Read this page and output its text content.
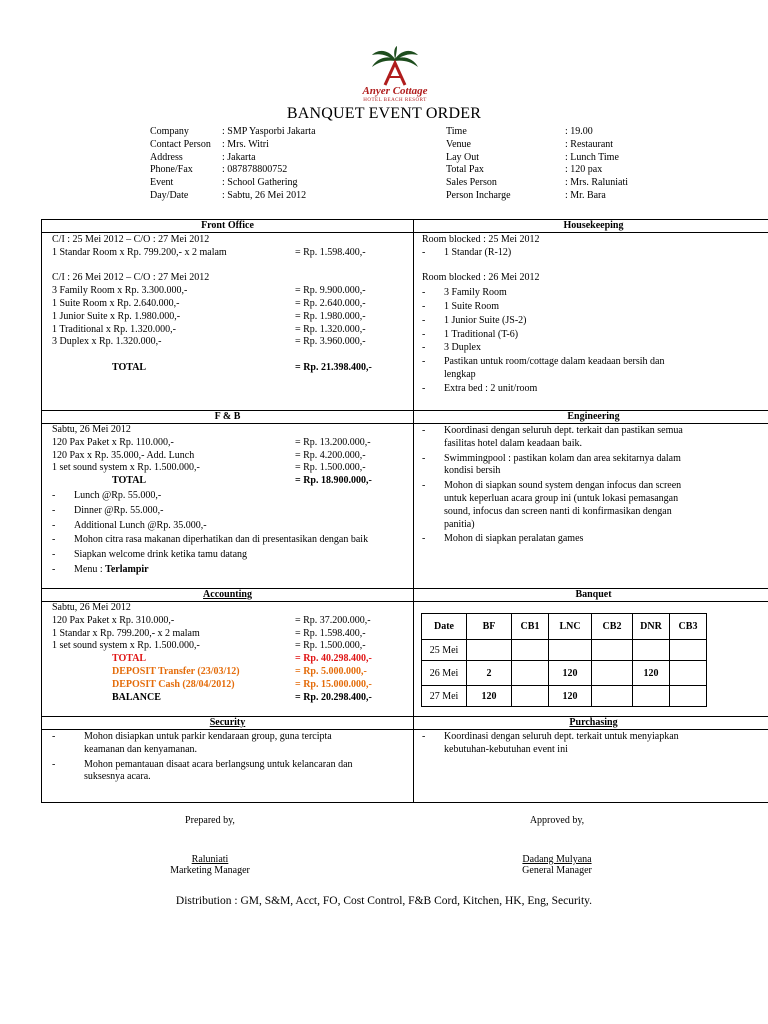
Anyer Cottage
HOTEL BEACH RESORT
BANQUET EVENT ORDER
Company	: SMP Yasporbi Jakarta
Contact Person	: Mrs. Witri
Address	: Jakarta
Phone/Fax	: 087878800752
Event	: School Gathering
Day/Date	: Sabtu, 26 Mei 2012
Time	: 19.00
Venue	: Restaurant
Lay Out	: Lunch Time
Total Pax	: 120 pax
Sales Person	: Mrs. Raluniati
Person Incharge	: Mr. Bara
Front Office	Housekeeping
F & B	Engineering
Accounting	Banquet
Security	Purchasing
C/I : 25 Mei 2012 – C/O : 27 Mei 2012
1 Standar Room x Rp. 799.200,- x 2 malam	= Rp. 1.598.400,-
C/I : 26 Mei 2012 – C/O : 27 Mei 2012
3 Family Room x Rp. 3.300.000,-	= Rp. 9.900.000,-
1 Suite Room x Rp. 2.640.000,-	= Rp. 2.640.000,-
1 Junior Suite x Rp. 1.980.000,-	= Rp. 1.980.000,-
1 Traditional x Rp. 1.320.000,-	= Rp. 1.320.000,-
3 Duplex x Rp. 1.320.000,-	= Rp. 3.960.000,-
TOTAL	= Rp. 21.398.400,-
Room blocked : 25 Mei 2012
-	1 Standar (R-12)
Room blocked : 26 Mei 2012
-	3 Family Room
-	1 Suite Room
-	1 Junior Suite (JS-2)
-	1 Traditional (T-6)
-	3 Duplex
-	Pastikan untuk room/cottage dalam keadaan bersih dan
lengkap
-	Extra bed : 2 unit/room
Sabtu, 26 Mei 2012
120 Pax Paket x Rp. 110.000,-	= Rp. 13.200.000,-
120 Pax x Rp. 35.000,- Add. Lunch	= Rp. 4.200.000,-
1 set sound system x Rp. 1.500.000,-	= Rp. 1.500.000,-
TOTAL	= Rp. 18.900.000,-
-	Lunch @Rp. 55.000,-
-	Dinner @Rp. 55.000,-
-	Additional Lunch @Rp. 35.000,-
-	Mohon citra rasa makanan diperhatikan dan di presentasikan dengan baik
-	Siapkan welcome drink ketika tamu datang
-	Menu : Terlampir
-	Koordinasi dengan seluruh dept. terkait dan pastikan semua
fasilitas hotel dalam keadaan baik.
-	Swimmingpool : pastikan kolam dan area sekitarnya dalam
kondisi bersih
-	Mohon di siapkan sound system dengan infocus dan screen
untuk keperluan acara group ini (untuk lokasi pemasangan
sound, infocus dan screen nanti di konfirmasikan dengan
panitia)
-	Mohon di siapkan peralatan games
Sabtu, 26 Mei 2012
120 Pax Paket x Rp. 310.000,-	= Rp. 37.200.000,-
1 Standar x Rp. 799.200,- x 2 malam	= Rp. 1.598.400,-
1 set sound system x Rp. 1.500.000,-	= Rp. 1.500.000,-
TOTAL	= Rp. 40.298.400,-
DEPOSIT Transfer (23/03/12)	= Rp. 5.000.000,-
DEPOSIT Cash (28/04/2012)	= Rp. 15.000.000,-
BALANCE	= Rp. 20.298.400,-
-	Mohon disiapkan untuk parkir kendaraan group, guna tercipta
keamanan dan kenyamanan.
-	Mohon pemantauan disaat acara berlangsung untuk kelancaran dan
suksesnya acara.
-	Koordinasi dengan seluruh dept. terkait untuk menyiapkan
kebutuhan-kebutuhan event ini
Date	BF	CB1	LNC	CB2	DNR	CB3
25 Mei						
26 Mei	2		120		120	
27 Mei	120		120			
Prepared by,	Approved by,
Raluniati
Marketing Manager
Dadang Mulyana
General Manager
Distribution : GM, S&M, Acct, FO, Cost Control, F&B Cord, Kitchen, HK, Eng, Security.
